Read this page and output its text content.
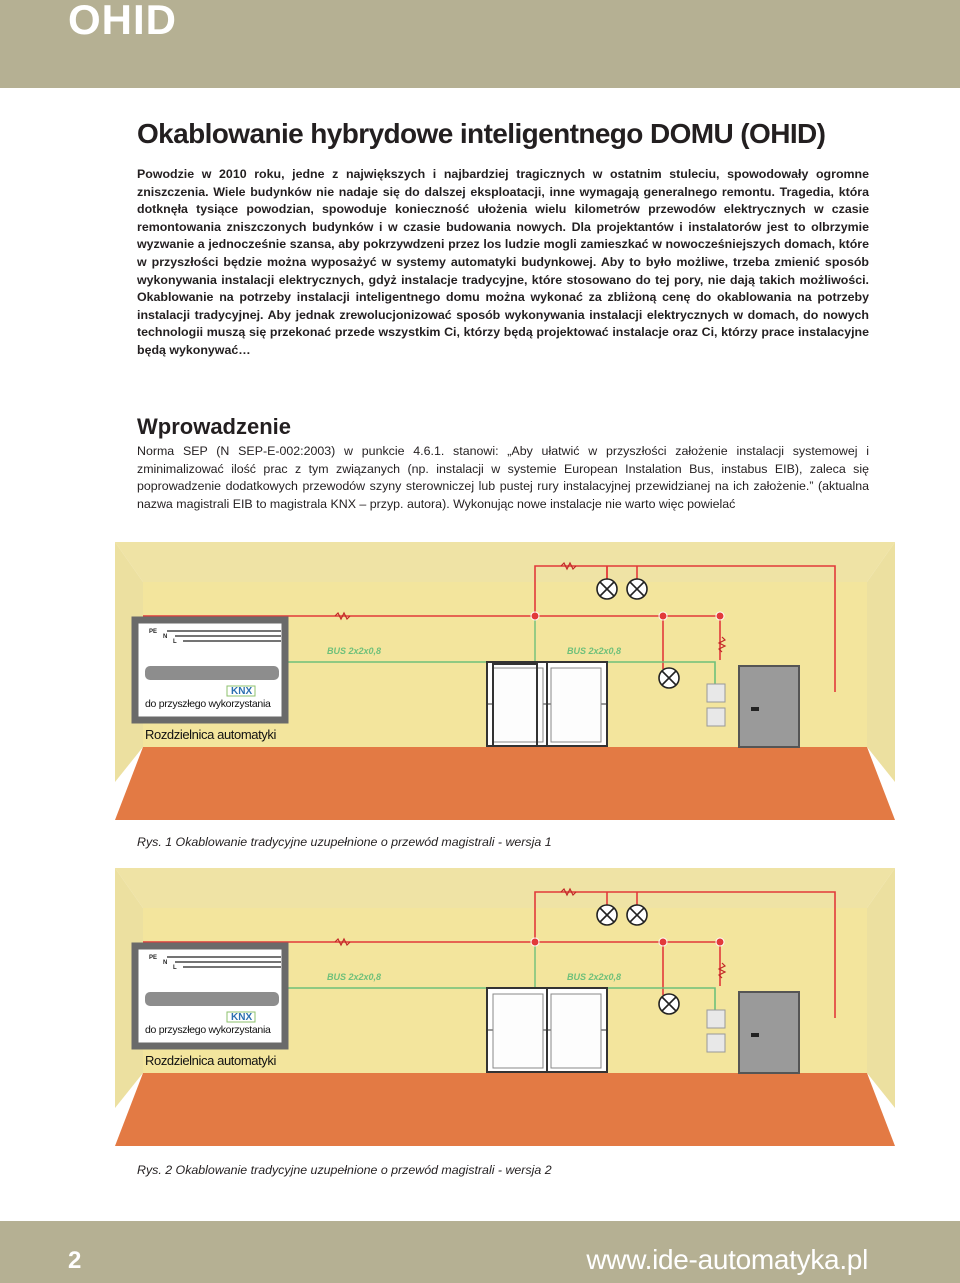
OHID
Okablowanie hybrydowe inteligentnego DOMU (OHID)

Powodzie w 2010 roku, jedne z największych i najbardziej tragicznych w ostatnim stuleciu, spowodowały ogromne zniszczenia. Wiele budynków nie nadaje się do dalszej eksploatacji, inne wymagają generalnego remontu. Tragedia, która dotknęła tysiące powodzian, spowoduje konieczność ułożenia wielu kilometrów przewodów elektrycznych w czasie remontowania zniszczonych budynków i w czasie budowania nowych. Dla projektantów i instalatorów jest to olbrzymie wyzwanie a jednocześnie szansa, aby pokrzywdzeni przez los ludzie mogli zamieszkać w nowocześniejszych domach, które w przyszłości będzie można wyposażyć w systemy automatyki budynkowej. Aby to było możliwe, trzeba zmienić sposób wykonywania instalacji elektrycznych, gdyż instalacje tradycyjne, które stosowano do tej pory, nie dają takich możliwości. Okablowanie na potrzeby instalacji inteligentnego domu można wykonać za zbliżoną cenę do okablowania na potrzeby instalacji tradycyjnej. Aby jednak zrewolucjonizować sposób wykonywania instalacji elektrycznych w domach, do nowych technologii muszą się przekonać przede wszystkim Ci, którzy będą projektować instalacje oraz Ci, którzy prace instalacyjne będą wykonywać…

Wprowadzenie

Norma SEP (N SEP-E-002:2003) w punkcie 4.6.1. stanowi: „Aby ułatwić w przyszłości założenie instalacji systemowej i zminimalizować ilość prac z tym związanych (np. instalacji w systemie European Instalation Bus, instabus EIB), zaleca się poprowadzenie dodatkowych przewodów szyny sterowniczej lub pustej rury instalacyjnej przewidzianej na ich założenie.” (aktualna nazwa magistrali EIB to magistrala KNX – przyp. autora). Wykonując nowe instalacje nie warto więc powielać

BUS 2x2x0,8	BUS 2x2x0,8
PE
N
L
KNX
do przyszłego wykorzystania
Rozdzielnica automatyki

Rys. 1 Okablowanie tradycyjne uzupełnione o przewód magistrali - wersja 1

BUS 2x2x0,8	BUS 2x2x0,8
PE
N
L
KNX
do przyszłego wykorzystania
Rozdzielnica automatyki

Rys. 2 Okablowanie tradycyjne uzupełnione o przewód magistrali - wersja 2

2	www.ide-automatyka.pl
